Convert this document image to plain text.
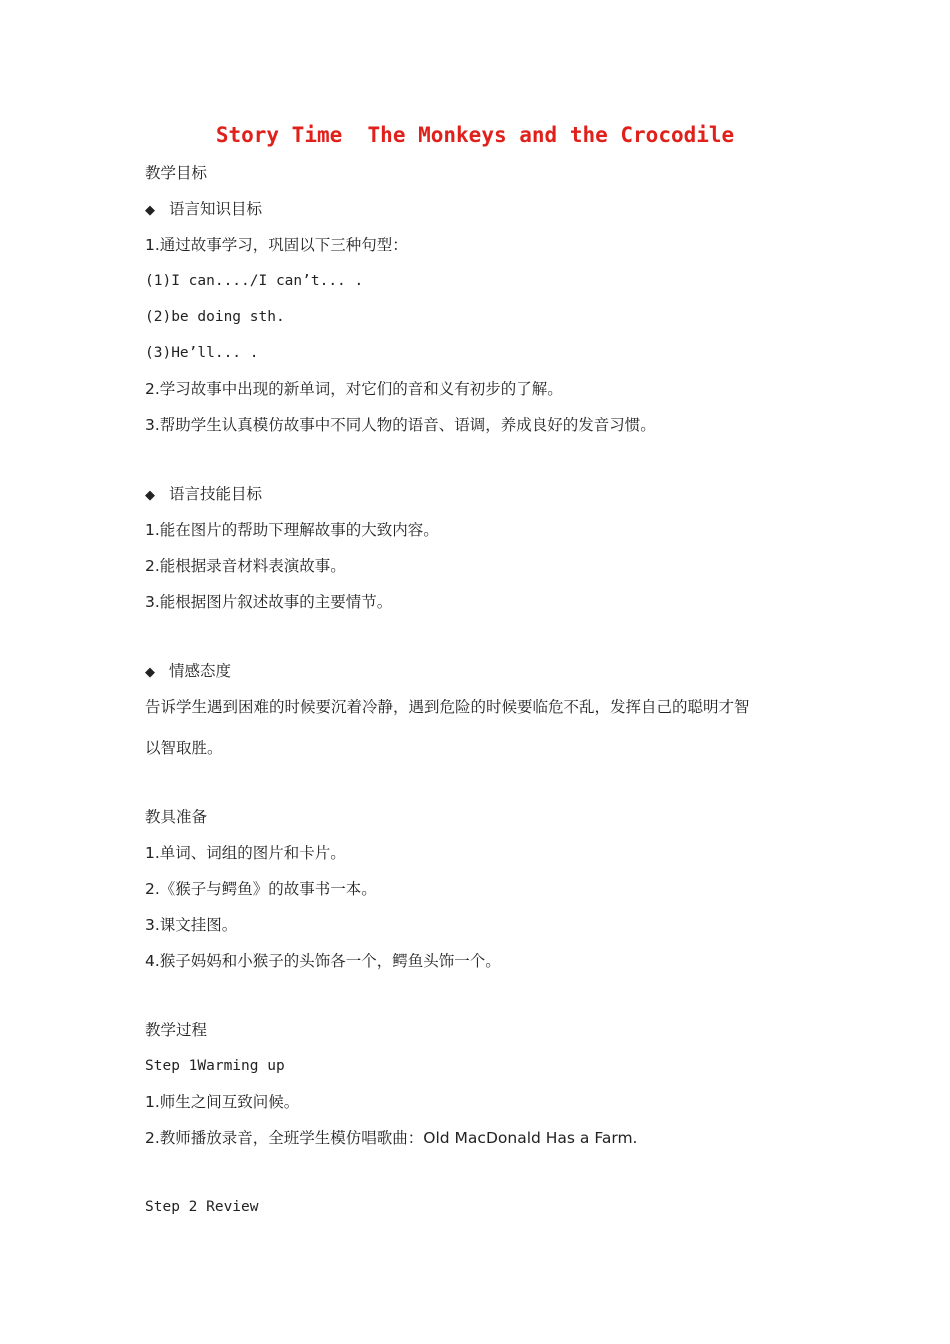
Story Time  The Monkeys and the Crocodile
教学目标
◆ 语言知识目标
1.通过故事学习，巩固以下三种句型：
(1)I can..../I can’t... .
(2)be doing sth.
(3)He’ll... .
2.学习故事中出现的新单词，对它们的音和义有初步的了解。
3.帮助学生认真模仿故事中不同人物的语音、语调，养成良好的发音习惯。
◆ 语言技能目标
1.能在图片的帮助下理解故事的大致内容。
2.能根据录音材料表演故事。
3.能根据图片叙述故事的主要情节。
◆ 情感态度
告诉学生遇到困难的时候要沉着冷静，遇到危险的时候要临危不乱，发挥自己的聪明才智
以智取胜。
教具准备
1.单词、词组的图片和卡片。
2.《猴子与鳄鱼》的故事书一本。
3.课文挂图。
4.猴子妈妈和小猴子的头饰各一个，鳄鱼头饰一个。
教学过程
Step 1Warming up
1.师生之间互致问候。
2.教师播放录音，全班学生模仿唱歌曲：Old MacDonald Has a Farm.
Step 2 Review
